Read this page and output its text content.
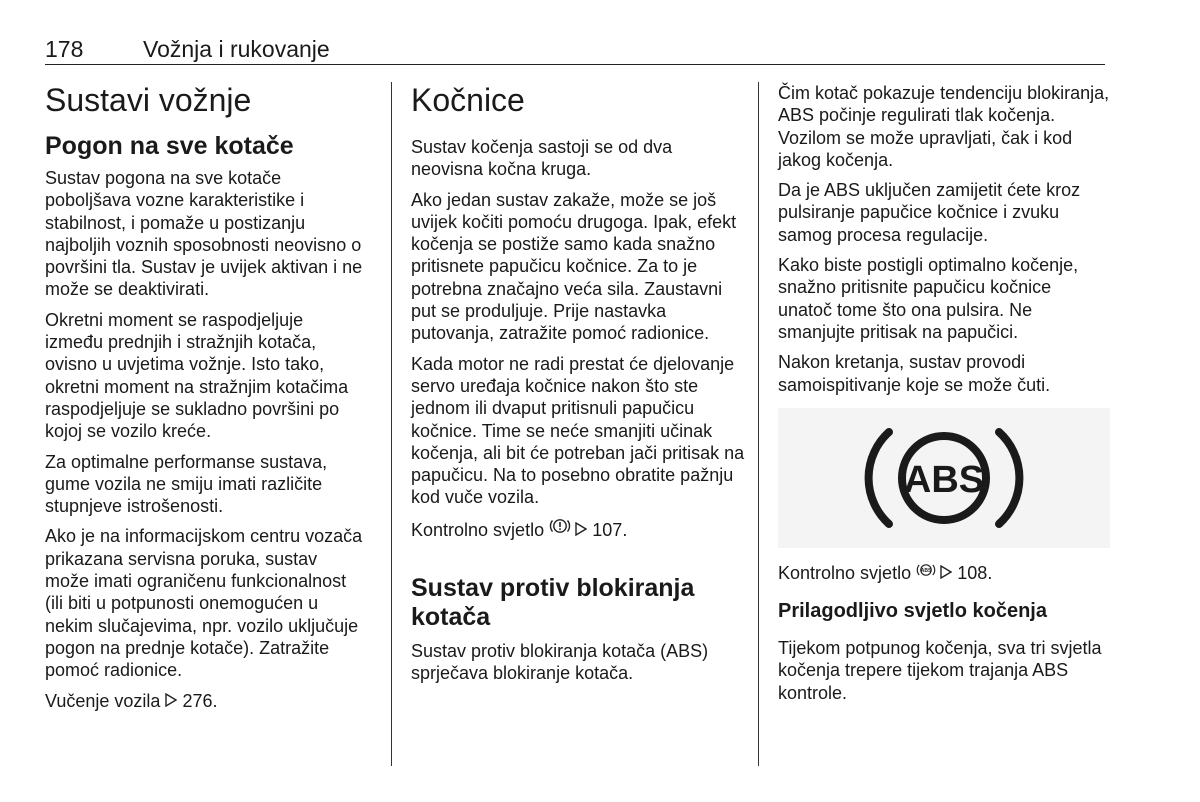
178	Vožnja i rukovanje
Sustavi vožnje
Pogon na sve kotače

Sustav pogona na sve kotače poboljšava vozne karakteristike i stabilnost, i pomaže u postizanju najboljih voznih sposobnosti neovisno o površini tla. Sustav je uvijek aktivan i ne može se deaktivirati.

Okretni moment se raspodjeljuje između prednjih i stražnjih kotača, ovisno u uvjetima vožnje. Isto tako, okretni moment na stražnjim kotačima raspodjeljuje se sukladno površini po kojoj se vozilo kreće.

Za optimalne performanse sustava, gume vozila ne smiju imati različite stupnjeve istrošenosti.

Ako je na informacijskom centru vozača prikazana servisna poruka, sustav može imati ograničenu funkcionalnost (ili biti u potpunosti onemogućen u nekim slučajevima, npr. vozilo uključuje pogon na prednje kotače). Zatražite pomoć radionice.

Vučenje vozila 276.

Kočnice

Sustav kočenja sastoji se od dva neovisna kočna kruga.

Ako jedan sustav zakaže, može se još uvijek kočiti pomoću drugoga. Ipak, efekt kočenja se postiže samo kada snažno pritisnete papučicu kočnice. Za to je potrebna značajno veća sila. Zaustavni put se produljuje. Prije nastavka putovanja, zatražite pomoć radionice.

Kada motor ne radi prestat će djelovanje servo uređaja kočnice nakon što ste jednom ili dvaput pritisnuli papučicu kočnice. Time se neće smanjiti učinak kočenja, ali bit će potreban jači pritisak na papučicu. Na to posebno obratite pažnju kod vuče vozila.

Kontrolno svjetlo	107.

Sustav protiv blokiranja kotača

Sustav protiv blokiranja kotača (ABS) sprječava blokiranje kotača.

Čim kotač pokazuje tendenciju blokiranja, ABS počinje regulirati tlak kočenja. Vozilom se može upravljati, čak i kod jakog kočenja.

Da je ABS uključen zamijetit ćete kroz pulsiranje papučice kočnice i zvuku samog procesa regulacije.

Kako biste postigli optimalno kočenje, snažno pritisnite papučicu kočnice unatoč tome što ona pulsira. Ne smanjujte pritisak na papučici.

Nakon kretanja, sustav provodi samoispitivanje koje se može čuti.

ABS

Kontrolno svjetlo ABS 108.

Prilagodljivo svjetlo kočenja

Tijekom potpunog kočenja, sva tri svjetla kočenja trepere tijekom trajanja ABS kontrole.
